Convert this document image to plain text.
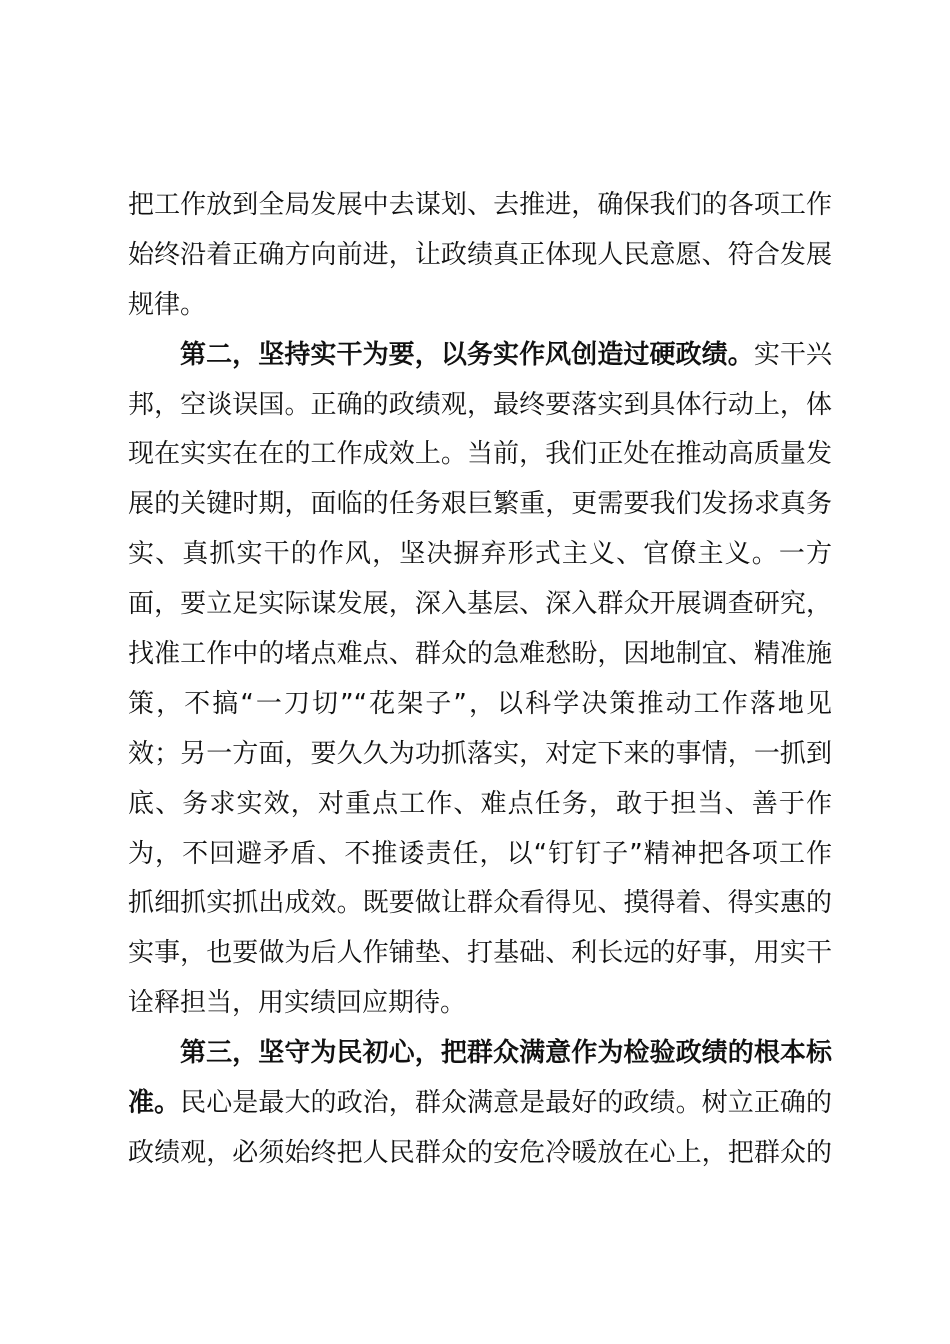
把工作放到全局发展中去谋划、去推进，确保我们的各项工作
始终沿着正确方向前进，让政绩真正体现人民意愿、符合发展
规律。
第二，坚持实干为要，以务实作风创造过硬政绩。实干兴
邦，空谈误国。正确的政绩观，最终要落实到具体行动上，体
现在实实在在的工作成效上。当前，我们正处在推动高质量发
展的关键时期，面临的任务艰巨繁重，更需要我们发扬求真务
实、真抓实干的作风，坚决摒弃形式主义、官僚主义。一方
面，要立足实际谋发展，深入基层、深入群众开展调查研究，
找准工作中的堵点难点、群众的急难愁盼，因地制宜、精准施
策，不搞“一刀切”“花架子”，以科学决策推动工作落地见
效；另一方面，要久久为功抓落实，对定下来的事情，一抓到
底、务求实效，对重点工作、难点任务，敢于担当、善于作
为，不回避矛盾、不推诿责任，以“钉钉子”精神把各项工作
抓细抓实抓出成效。既要做让群众看得见、摸得着、得实惠的
实事，也要做为后人作铺垫、打基础、利长远的好事，用实干
诠释担当，用实绩回应期待。
第三，坚守为民初心，把群众满意作为检验政绩的根本标
准。民心是最大的政治，群众满意是最好的政绩。树立正确的
政绩观，必须始终把人民群众的安危冷暖放在心上，把群众的
